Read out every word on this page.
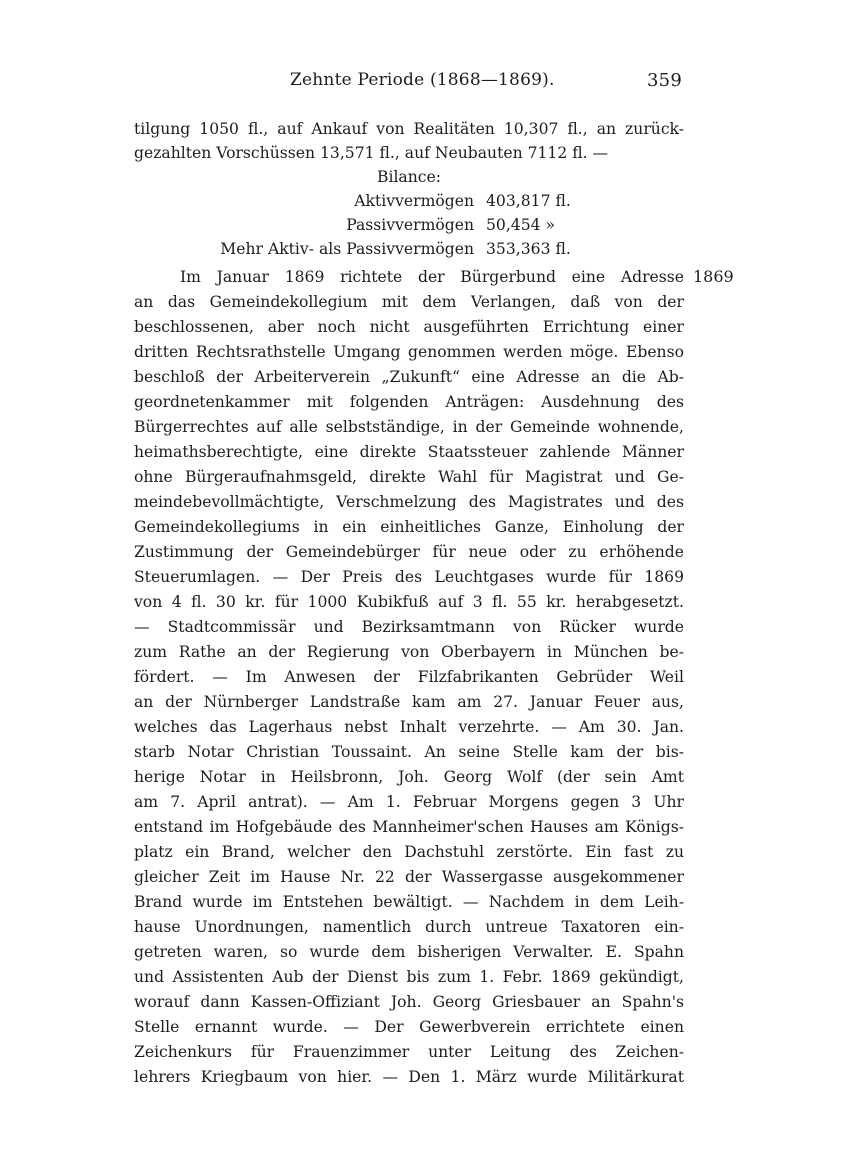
Zehnte Periode (1868—1869).	359
tilgung 1050 fl., auf Ankauf von Realitäten 10,307 fl., an zurück-
gezahlten Vorschüssen 13,571 fl., auf Neubauten 7112 fl. —
Bilance:
Aktivvermögen 403,817 fl.
Passivvermögen 50,454 »
Mehr Aktiv- als Passivvermögen 353,363 fl.
1869
Im Januar 1869 richtete der Bürgerbund eine Adresse
an das Gemeindekollegium mit dem Verlangen, daß von der
beschlossenen, aber noch nicht ausgeführten Errichtung einer
dritten Rechtsrathstelle Umgang genommen werden möge. Ebenso
beschloß der Arbeiterverein „Zukunft“ eine Adresse an die Ab-
geordnetenkammer mit folgenden Anträgen: Ausdehnung des
Bürgerrechtes auf alle selbstständige, in der Gemeinde wohnende,
heimathsberechtigte, eine direkte Staatssteuer zahlende Männer
ohne Bürgeraufnahmsgeld, direkte Wahl für Magistrat und Ge-
meindebevollmächtigte, Verschmelzung des Magistrates und des
Gemeindekollegiums in ein einheitliches Ganze, Einholung der
Zustimmung der Gemeindebürger für neue oder zu erhöhende
Steuerumlagen. — Der Preis des Leuchtgases wurde für 1869
von 4 fl. 30 kr. für 1000 Kubikfuß auf 3 fl. 55 kr. herabgesetzt.
— Stadtcommissär und Bezirksamtmann von Rücker wurde
zum Rathe an der Regierung von Oberbayern in München be-
fördert. — Im Anwesen der Filzfabrikanten Gebrüder Weil
an der Nürnberger Landstraße kam am 27. Januar Feuer aus,
welches das Lagerhaus nebst Inhalt verzehrte. — Am 30. Jan.
starb Notar Christian Toussaint. An seine Stelle kam der bis-
herige Notar in Heilsbronn, Joh. Georg Wolf (der sein Amt
am 7. April antrat). — Am 1. Februar Morgens gegen 3 Uhr
entstand im Hofgebäude des Mannheimer'schen Hauses am Königs-
platz ein Brand, welcher den Dachstuhl zerstörte. Ein fast zu
gleicher Zeit im Hause Nr. 22 der Wassergasse ausgekommener
Brand wurde im Entstehen bewältigt. — Nachdem in dem Leih-
hause Unordnungen, namentlich durch untreue Taxatoren ein-
getreten waren, so wurde dem bisherigen Verwalter. E. Spahn
und Assistenten Aub der Dienst bis zum 1. Febr. 1869 gekündigt,
worauf dann Kassen-Offiziant Joh. Georg Griesbauer an Spahn's
Stelle ernannt wurde. — Der Gewerbverein errichtete einen
Zeichenkurs für Frauenzimmer unter Leitung des Zeichen-
lehrers Kriegbaum von hier. — Den 1. März wurde Militärkurat
